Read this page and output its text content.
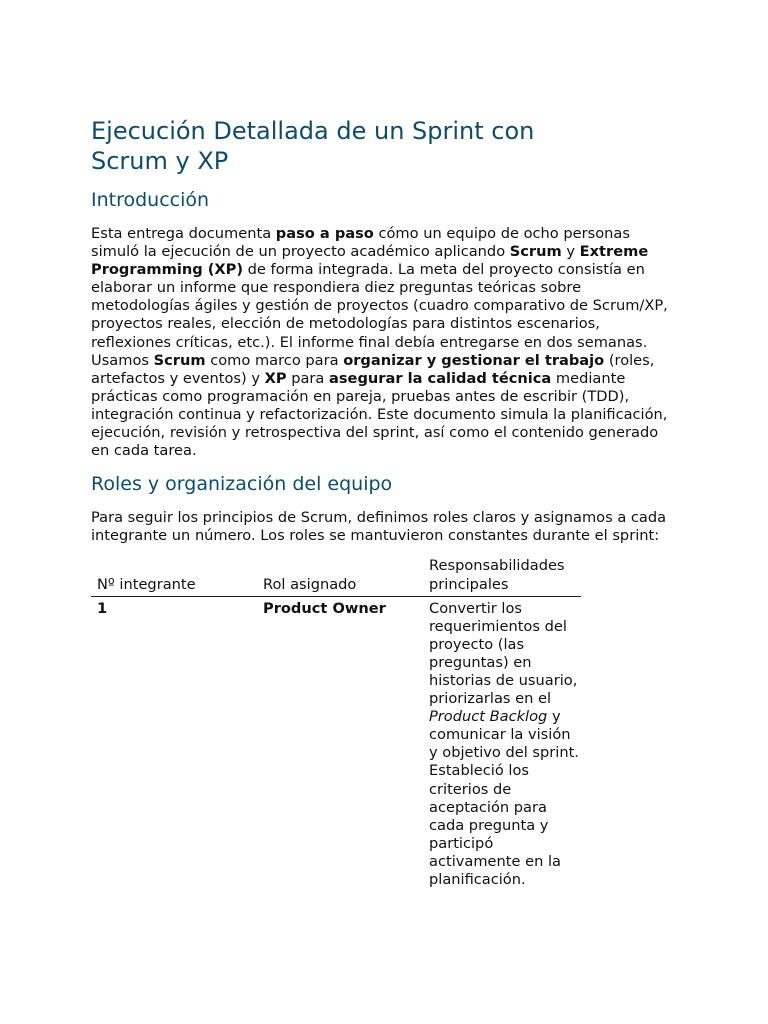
Ejecución Detallada de un Sprint con Scrum y XP
Introducción

Esta entrega documenta paso a paso cómo un equipo de ocho personas simuló la ejecución de un proyecto académico aplicando Scrum y Extreme Programming (XP) de forma integrada. La meta del proyecto consistía en elaborar un informe que respondiera diez preguntas teóricas sobre metodologías ágiles y gestión de proyectos (cuadro comparativo de Scrum/XP, proyectos reales, elección de metodologías para distintos escenarios, reflexiones críticas, etc.). El informe final debía entregarse en dos semanas. Usamos Scrum como marco para organizar y gestionar el trabajo (roles, artefactos y eventos) y XP para asegurar la calidad técnica mediante prácticas como programación en pareja, pruebas antes de escribir (TDD), integración continua y refactorización. Este documento simula la planificación, ejecución, revisión y retrospectiva del sprint, así como el contenido generado en cada tarea.

Roles y organización del equipo

Para seguir los principios de Scrum, definimos roles claros y asignamos a cada integrante un número. Los roles se mantuvieron constantes durante el sprint:

Nº integrante	Rol asignado	Responsabilidades principales
1	Product Owner	Convertir los requerimientos del proyecto (las preguntas) en historias de usuario, priorizarlas en el Product Backlog y comunicar la visión y objetivo del sprint. Estableció los criterios de aceptación para cada pregunta y participó activamente en la planificación.
